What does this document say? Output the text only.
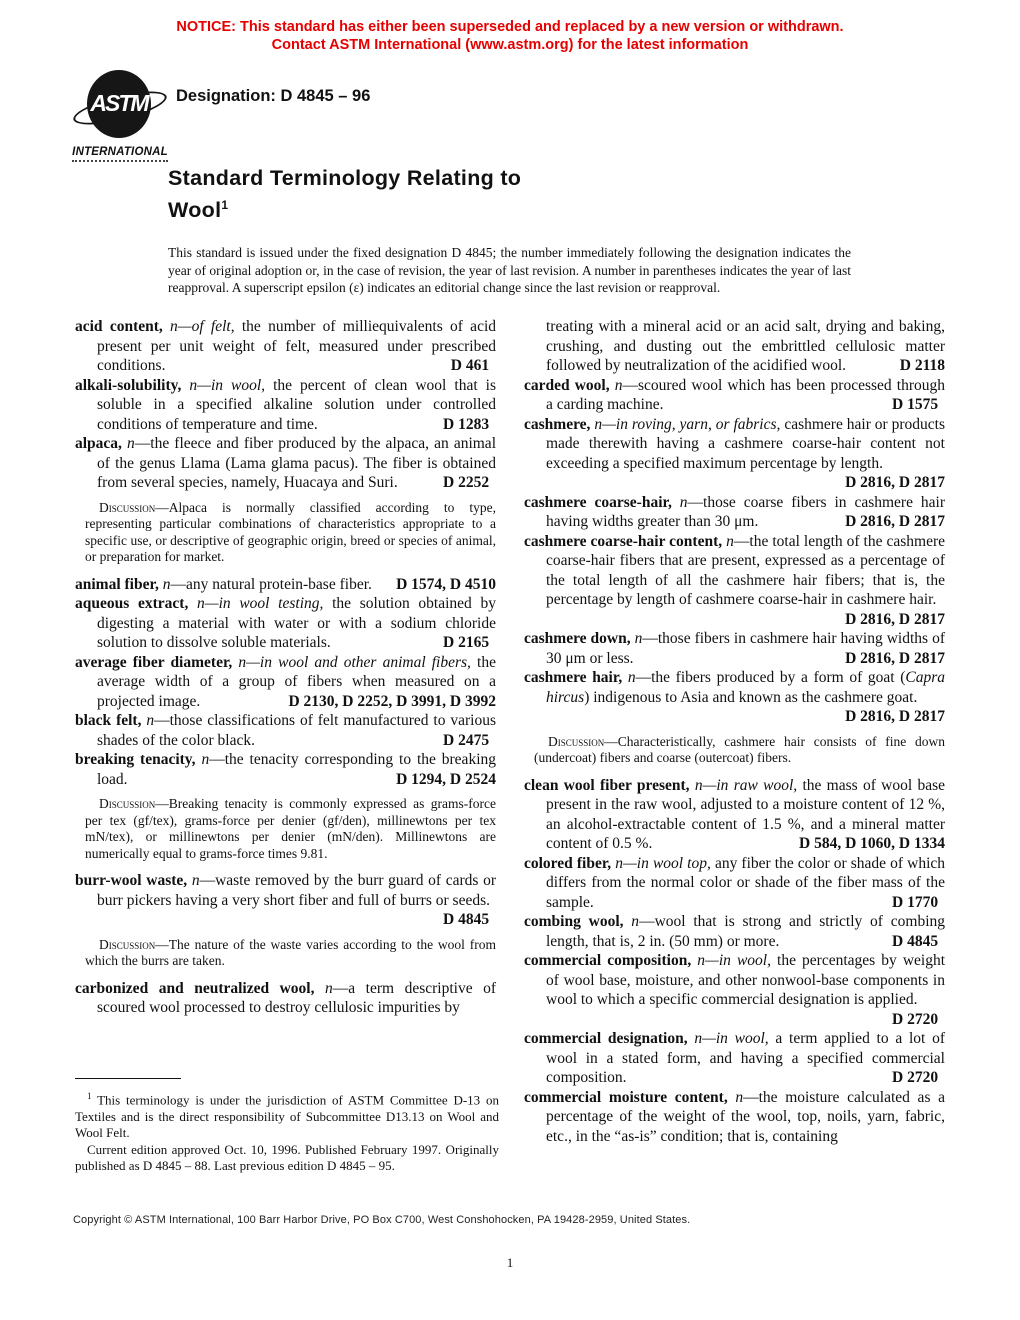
NOTICE: This standard has either been superseded and replaced by a new version or withdrawn.
Contact ASTM International (www.astm.org) for the latest information
ASTM
INTERNATIONAL
Designation: D 4845 – 96
Standard Terminology Relating to
Wool$^1$
This standard is issued under the fixed designation D 4845; the number immediately following the designation indicates the year of original adoption or, in the case of revision, the year of last revision. A number in parentheses indicates the year of last reapproval. A superscript epsilon (ε) indicates an editorial change since the last revision or reapproval.

acid content, n—of felt, the number of milliequivalents of acid present per unit weight of felt, measured under prescribed conditions.	D 461

alkali-solubility, n—in wool, the percent of clean wool that is soluble in a specified alkaline solution under controlled conditions of temperature and time.	D 1283

alpaca, n—the fleece and fiber produced by the alpaca, an animal of the genus Llama (Lama glama pacus). The fiber is obtained from several species, namely, Huacaya and Suri.	D 2252

Discussion—Alpaca is normally classified according to type, representing particular combinations of characteristics appropriate to a specific use, or descriptive of geographic origin, breed or species of animal, or preparation for market.

animal fiber, n—any natural protein-base fiber. D 1574, D 4510

aqueous extract, n—in wool testing, the solution obtained by digesting a material with water or with a sodium chloride solution to dissolve soluble materials.	D 2165

average fiber diameter, n—in wool and other animal fibers, the average width of a group of fibers when measured on a projected image.	D 2130, D 2252, D 3991, D 3992

black felt, n—those classifications of felt manufactured to various shades of the color black.	D 2475

breaking tenacity, n—the tenacity corresponding to the breaking load.	D 1294, D 2524

Discussion—Breaking tenacity is commonly expressed as grams-force per tex (gf/tex), grams-force per denier (gf/den), millinewtons per tex mN/tex), or millinewtons per denier (mN/den). Millinewtons are numerically equal to grams-force times 9.81.

burr-wool waste, n—waste removed by the burr guard of cards or burr pickers having a very short fiber and full of burrs or seeds.
D 4845

Discussion—The nature of the waste varies according to the wool from which the burrs are taken.

carbonized and neutralized wool, n—a term descriptive of scoured wool processed to destroy cellulosic impurities by

treating with a mineral acid or an acid salt, drying and baking, crushing, and dusting out the embrittled cellulosic matter followed by neutralization of the acidified wool.	D 2118

carded wool, n—scoured wool which has been processed through a carding machine.	D 1575

cashmere, n—in roving, yarn, or fabrics, cashmere hair or products made therewith having a cashmere coarse-hair content not exceeding a specified maximum percentage by length.
D 2816, D 2817

cashmere coarse-hair, n—those coarse fibers in cashmere hair having widths greater than 30 μm.	D 2816, D 2817

cashmere coarse-hair content, n—the total length of the cashmere coarse-hair fibers that are present, expressed as a percentage of the total length of all the cashmere hair fibers; that is, the percentage by length of cashmere coarse-hair in cashmere hair.
D 2816, D 2817

cashmere down, n—those fibers in cashmere hair having widths of 30 μm or less.	D 2816, D 2817

cashmere hair, n—the fibers produced by a form of goat (Capra hircus) indigenous to Asia and known as the cashmere goat.
D 2816, D 2817

Discussion—Characteristically, cashmere hair consists of fine down (undercoat) fibers and coarse (outercoat) fibers.

clean wool fiber present, n—in raw wool, the mass of wool base present in the raw wool, adjusted to a moisture content of 12 %, an alcohol-extractable content of 1.5 %, and a mineral matter content of 0.5 %.	D 584, D 1060, D 1334

colored fiber, n—in wool top, any fiber the color or shade of which differs from the normal color or shade of the fiber mass of the sample.	D 1770

combing wool, n—wool that is strong and strictly of combing length, that is, 2 in. (50 mm) or more.	D 4845

commercial composition, n—in wool, the percentages by weight of wool base, moisture, and other nonwool-base components in wool to which a specific commercial designation is applied.
D 2720

commercial designation, n—in wool, a term applied to a lot of wool in a stated form, and having a specified commercial composition.	D 2720

commercial moisture content, n—the moisture calculated as a percentage of the weight of the wool, top, noils, yarn, fabric, etc., in the “as-is” condition; that is, containing

$^1$ This terminology is under the jurisdiction of ASTM Committee D-13 on Textiles and is the direct responsibility of Subcommittee D13.13 on Wool and Wool Felt.

Current edition approved Oct. 10, 1996. Published February 1997. Originally published as D 4845 – 88. Last previous edition D 4845 – 95.

Copyright © ASTM International, 100 Barr Harbor Drive, PO Box C700, West Conshohocken, PA 19428-2959, United States.
1
